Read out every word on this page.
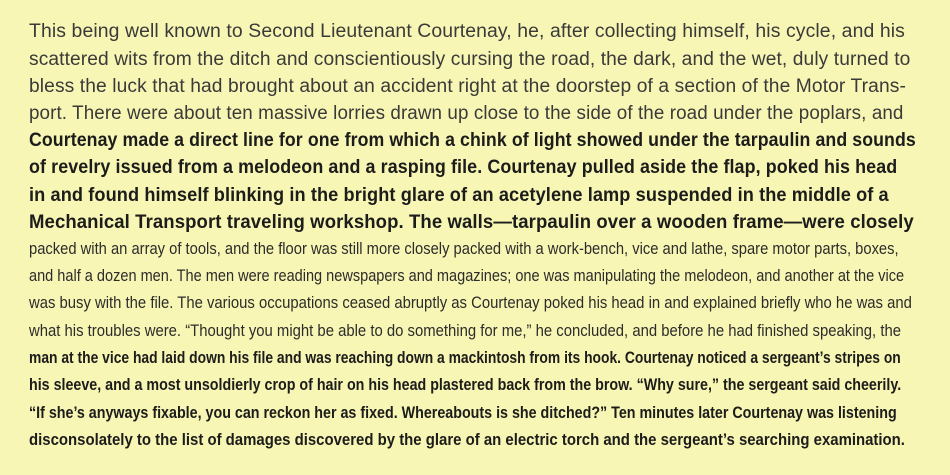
This being well known to Second Lieutenant Courtenay, he, after collecting himself, his cycle, and his
scattered wits from the ditch and conscientiously cursing the road, the dark, and the wet, duly turned to
bless the luck that had brought about an accident right at the doorstep of a section of the Motor Trans-
port. There were about ten massive lorries drawn up close to the side of the road under the poplars, and
Courtenay made a direct line for one from which a chink of light showed under the tarpaulin and sounds
of revelry issued from a melodeon and a rasping file. Courtenay pulled aside the flap, poked his head
in and found himself blinking in the bright glare of an acetylene lamp suspended in the middle of a
Mechanical Transport traveling workshop. The walls—tarpaulin over a wooden frame—were closely
packed with an array of tools, and the floor was still more closely packed with a work-bench, vice and lathe, spare motor parts, boxes,
and half a dozen men. The men were reading newspapers and magazines; one was manipulating the melodeon, and another at the vice
was busy with the file. The various occupations ceased abruptly as Courtenay poked his head in and explained briefly who he was and
what his troubles were. “Thought you might be able to do something for me,” he concluded, and before he had finished speaking, the
man at the vice had laid down his file and was reaching down a mackintosh from its hook. Courtenay noticed a sergeant’s stripes on
his sleeve, and a most unsoldierly crop of hair on his head plastered back from the brow. “Why sure,” the sergeant said cheerily.
“If she’s anyways fixable, you can reckon her as fixed. Whereabouts is she ditched?” Ten minutes later Courtenay was listening
disconsolately to the list of damages discovered by the glare of an electric torch and the sergeant’s searching examination.
